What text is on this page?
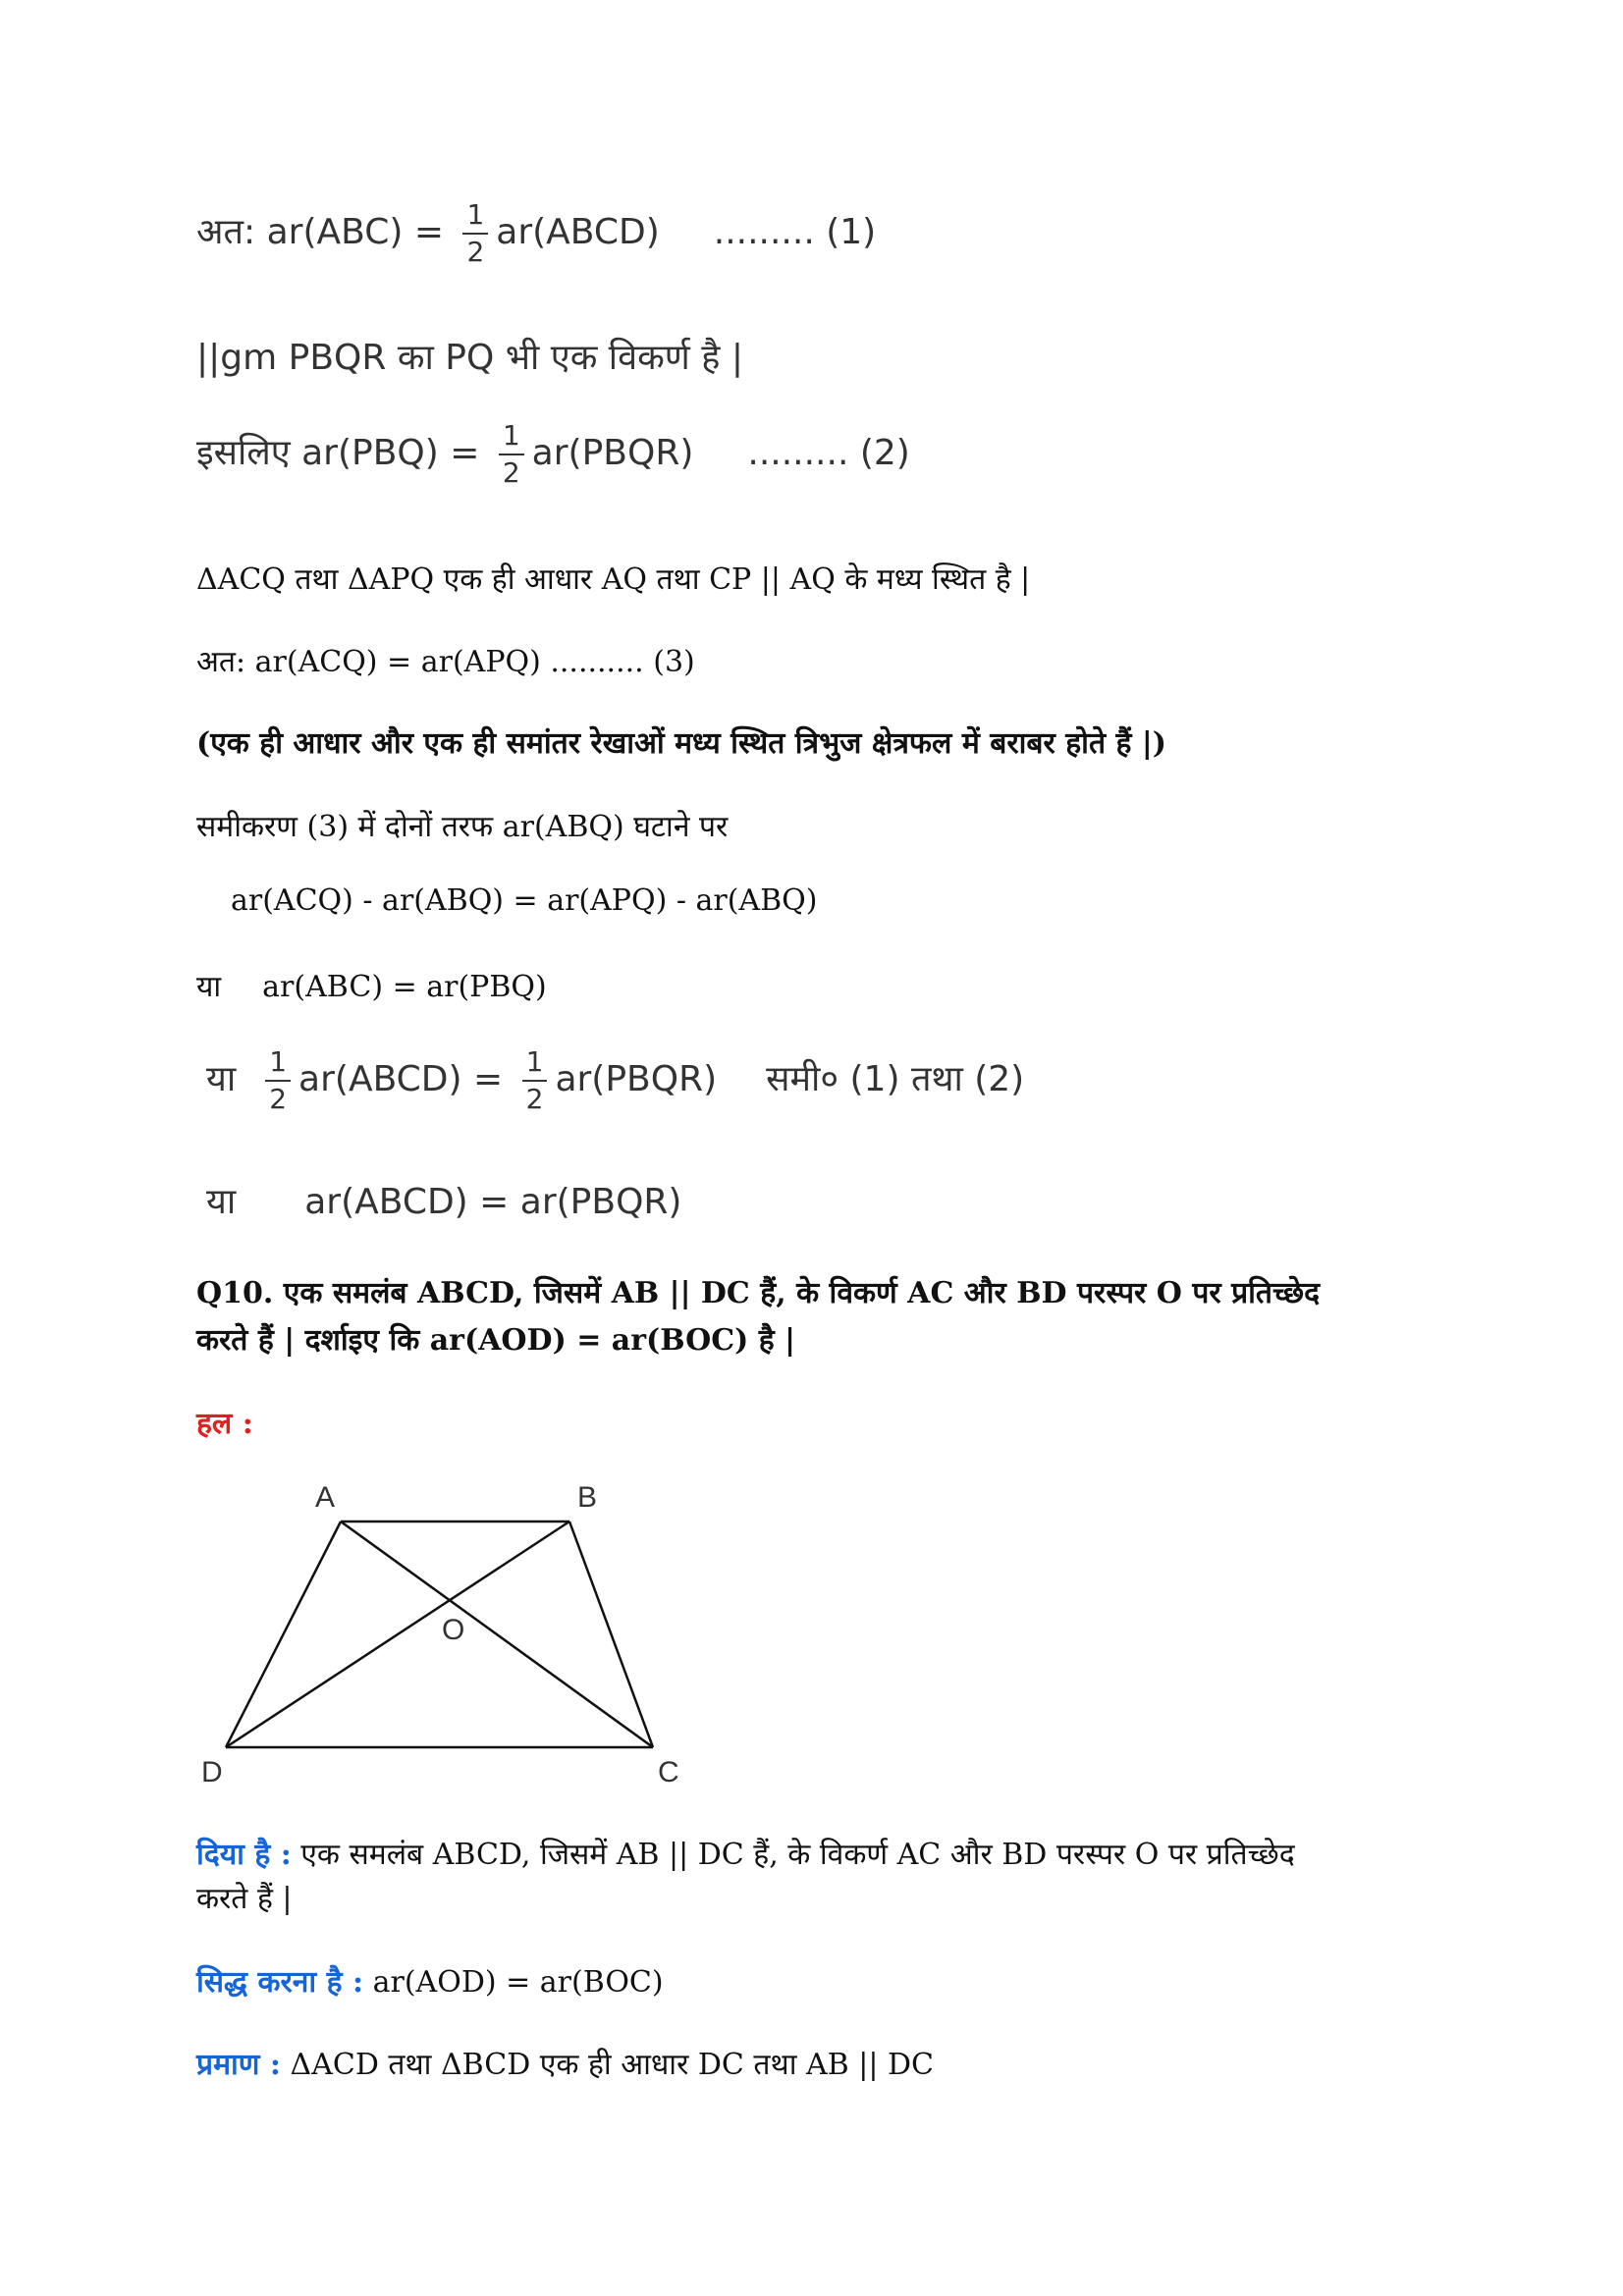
अत: $ar(ABC) = \frac{1}{2}$ ar(ABCD) ......... (1)
||gm PBQR का PQ भी एक विकर्ण है |
इसलिए $ar(PBQ) = \frac{1}{2}$ ar(PBQR) ......... (2)
ΔACQ तथा ΔAPQ एक ही आधार AQ तथा CP || AQ के मध्य स्थित है |
अत: ar(ACQ) = ar(APQ) .......... (3)
(एक ही आधार और एक ही समांतर रेखाओं मध्य स्थित त्रिभुज क्षेत्रफल में बराबर होते हैं |)
समीकरण (3) में दोनों तरफ ar(ABQ) घटाने पर
ar(ACQ) - ar(ABQ) = ar(APQ) - ar(ABQ)
या ar(ABC) = ar(PBQ)
या $\frac{1}{2}$ ar(ABCD) = $\frac{1}{2}$ ar(PBQR) समी० (1) तथा (2)
या ar(ABCD) = ar(PBQR)
Q10. एक समलंब ABCD, जिसमें AB || DC हैं, के विकर्ण AC और BD परस्पर O पर प्रतिच्छेद
करते हैं | दर्शाइए कि ar(AOD) = ar(BOC) है |
हल :
A	B
O
D	C
दिया है : एक समलंब ABCD, जिसमें AB || DC हैं, के विकर्ण AC और BD परस्पर O पर प्रतिच्छेद
करते हैं |
सिद्ध करना है : ar(AOD) = ar(BOC)
प्रमाण : ΔACD तथा ΔBCD एक ही आधार DC तथा AB || DC
